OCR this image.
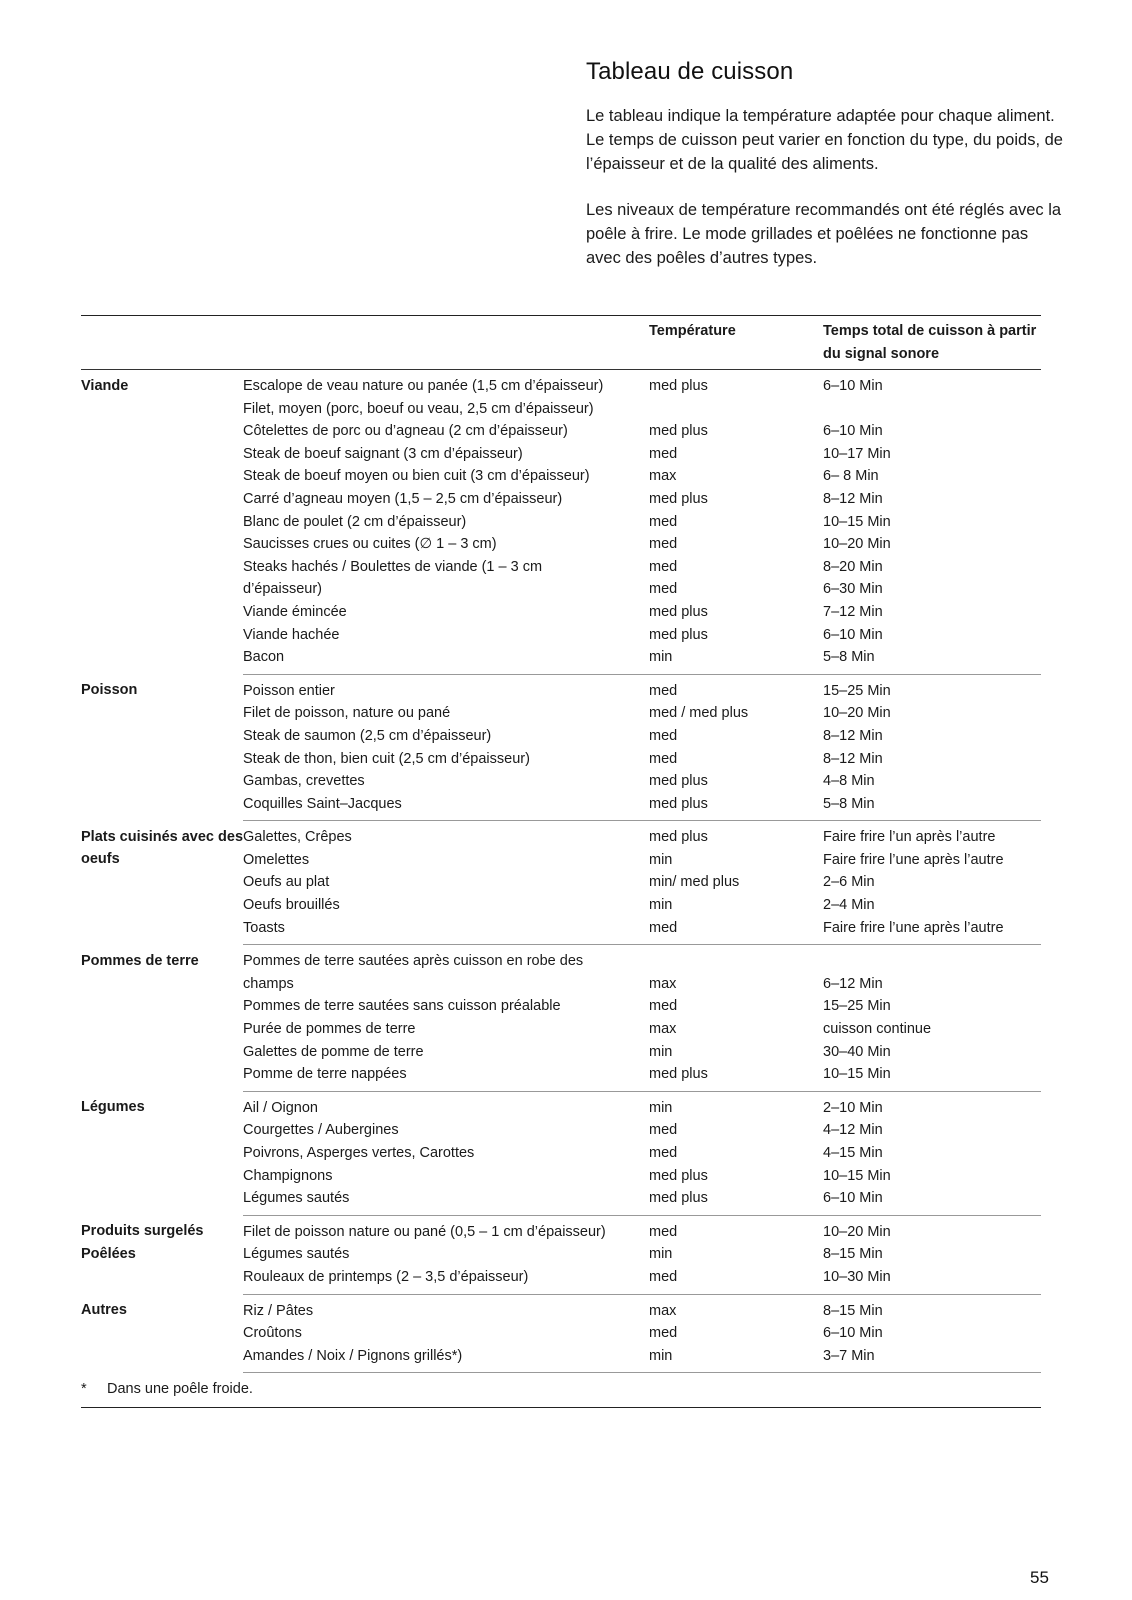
Tableau de cuisson

Le tableau indique la température adaptée pour chaque aliment. Le temps de cuisson peut varier en fonction du type, du poids, de l’épaisseur et de la qualité des aliments.

Les niveaux de température recommandés ont été réglés avec la poêle à frire. Le mode grillades et poêlées ne fonctionne pas avec des poêles d’autres types.

		Température	Temps total de cuisson à partir du signal sonore
Viande	Escalope de veau nature ou panée (1,5 cm d’épaisseur)	med plus	6–10 Min
	Filet, moyen (porc, boeuf ou veau, 2,5 cm d’épaisseur)		
	Côtelettes de porc ou d’agneau (2 cm d’épaisseur)	med plus	6–10 Min
	Steak de boeuf saignant (3 cm d’épaisseur)	med	10–17 Min
	Steak de boeuf moyen ou bien cuit (3 cm d’épaisseur)	max	6– 8 Min
	Carré d’agneau moyen (1,5 – 2,5 cm d’épaisseur)	med plus	8–12 Min
	Blanc de poulet (2 cm d’épaisseur)	med	10–15 Min
	Saucisses crues ou cuites (∅ 1 – 3 cm)	med	10–20 Min
	Steaks hachés / Boulettes de viande (1 – 3 cm	med	8–20 Min
	d’épaisseur)	med	6–30 Min
	Viande émincée	med plus	7–12 Min
	Viande hachée	med plus	6–10 Min
	Bacon	min	5–8 Min
Poisson	Poisson entier	med	15–25 Min
	Filet de poisson, nature ou pané	med / med plus	10–20 Min
	Steak de saumon (2,5 cm d’épaisseur)	med	8–12 Min
	Steak de thon, bien cuit (2,5 cm d’épaisseur)	med	8–12 Min
	Gambas, crevettes	med plus	4–8 Min
	Coquilles Saint–Jacques	med plus	5–8 Min
Plats cuisinés avec des oeufs	Galettes, Crêpes	med plus	Faire frire l’un après l’autre
	Omelettes	min	Faire frire l’une après l’autre
	Oeufs au plat	min/ med plus	2–6 Min
	Oeufs brouillés	min	2–4 Min
	Toasts	med	Faire frire l’une après l’autre
Pommes de terre	Pommes de terre sautées après cuisson en robe des		
	champs	max	6–12 Min
	Pommes de terre sautées sans cuisson préalable	med	15–25 Min
	Purée de pommes de terre	max	cuisson continue
	Galettes de pomme de terre	min	30–40 Min
	Pomme de terre nappées	med plus	10–15 Min
Légumes	Ail / Oignon	min	2–10 Min
	Courgettes / Aubergines	med	4–12 Min
	Poivrons, Asperges vertes, Carottes	med	4–15 Min
	Champignons	med plus	10–15 Min
	Légumes sautés	med plus	6–10 Min
Produits surgelés Poêlées	Filet de poisson nature ou pané (0,5 – 1 cm d’épaisseur)	med	10–20 Min
	Légumes sautés	min	8–15 Min
	Rouleaux de printemps (2 – 3,5 d’épaisseur)	med	10–30 Min
Autres	Riz / Pâtes	max	8–15 Min
	Croûtons	med	6–10 Min
	Amandes / Noix / Pignons grillés*)	min	3–7 Min
* Dans une poêle froide.			
55
